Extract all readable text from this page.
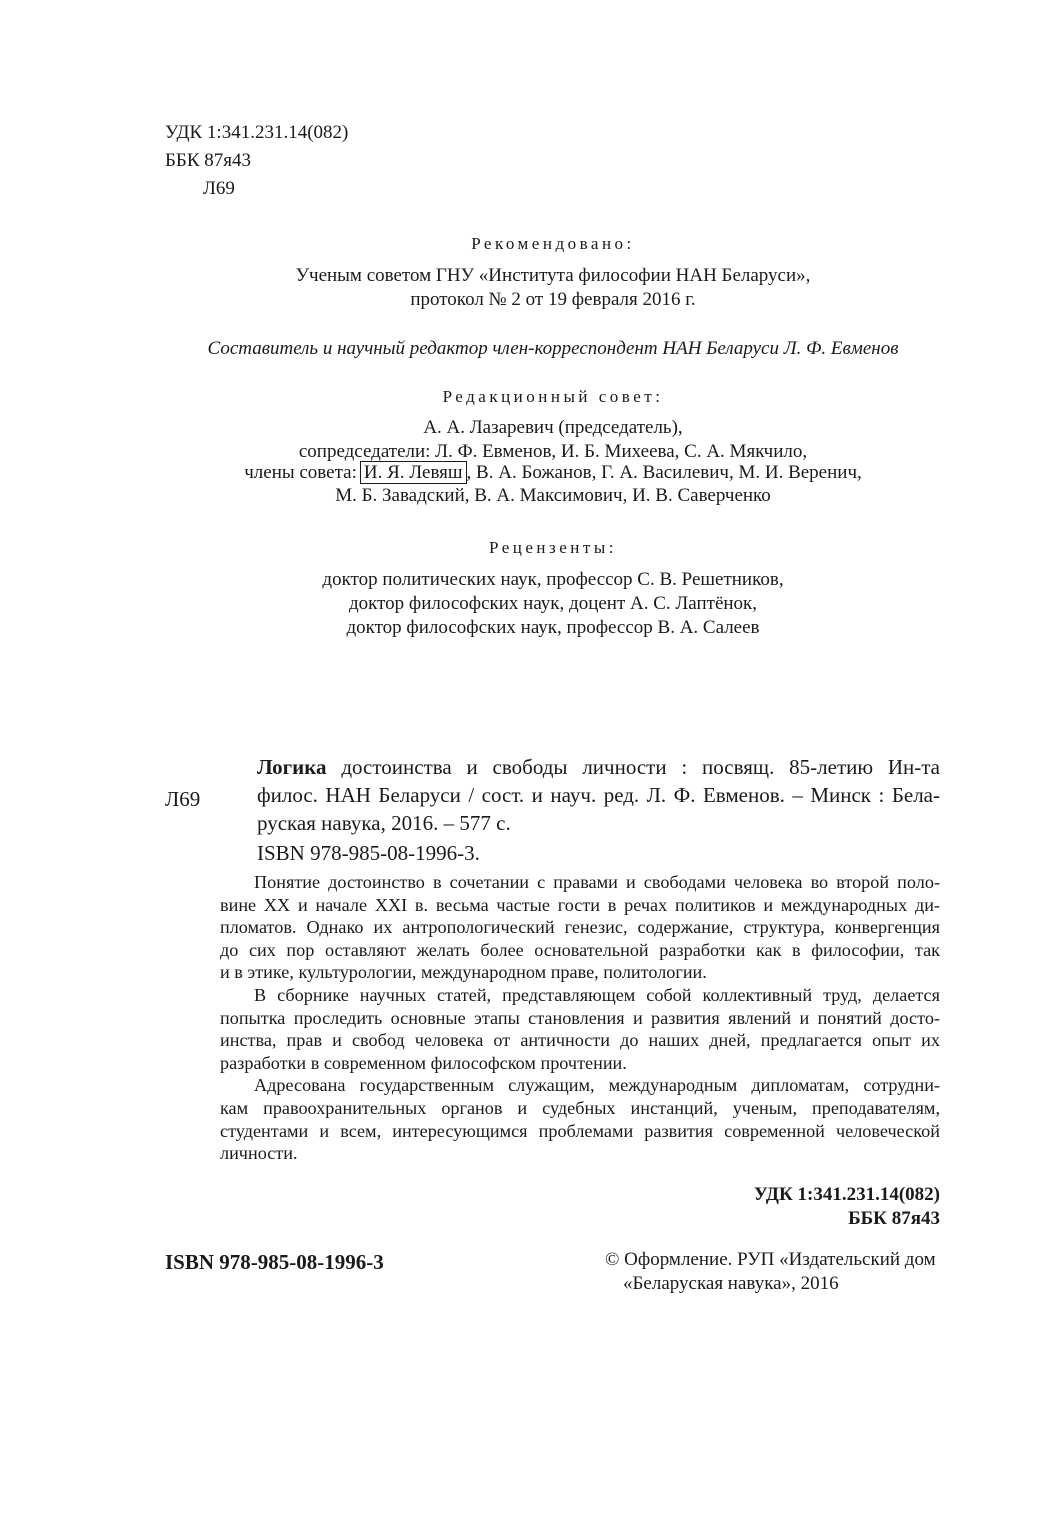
УДК 1:341.231.14(082)
ББК 87я43
Л69
Рекомендовано:
Ученым советом ГНУ «Института философии НАН Беларуси»,
протокол № 2 от 19 февраля 2016 г.
Составитель и научный редактор член-корреспондент НАН Беларуси Л. Ф. Евменов
Редакционный совет:
А. А. Лазаревич (председатель),
сопредседатели: Л. Ф. Евменов, И. Б. Михеева, С. А. Мякчило,
члены совета: И. Я. Левяш , В. А. Божанов, Г. А. Василевич, М. И. Веренич,
М. Б. Завадский, В. А. Максимович, И. В. Саверченко
Рецензенты:
доктор политических наук, профессор С. В. Решетников,
доктор философских наук, доцент А. С. Лаптёнок,
доктор философских наук, профессор В. А. Салеев
Л69
Логика достоинства и свободы личности : посвящ. 85-летию Ин-та
филос. НАН Беларуси / сост. и науч. ред. Л. Ф. Евменов. – Минск : Бела-
руская навука, 2016. – 577 с.
ISBN 978-985-08-1996-3.
Понятие достоинство в сочетании с правами и свободами человека во второй поло-
вине XX и начале XXI в. весьма частые гости в речах политиков и международных ди-
пломатов. Однако их антропологический генезис, содержание, структура, конвергенция
до сих пор оставляют желать более основательной разработки как в философии, так
и в этике, культурологии, международном праве, политологии.
В сборнике научных статей, представляющем собой коллективный труд, делается
попытка проследить основные этапы становления и развития явлений и понятий досто-
инства, прав и свобод человека от античности до наших дней, предлагается опыт их
разработки в современном философском прочтении.
Адресована государственным служащим, международным дипломатам, сотрудни-
кам правоохранительных органов и судебных инстанций, ученым, преподавателям,
студентами и всем, интересующимся проблемами развития современной человеческой
личности.
УДК 1:341.231.14(082)
ББК 87я43
ISBN 978-985-08-1996-3	© Оформление. РУП «Издательский дом
«Беларуская навука», 2016
